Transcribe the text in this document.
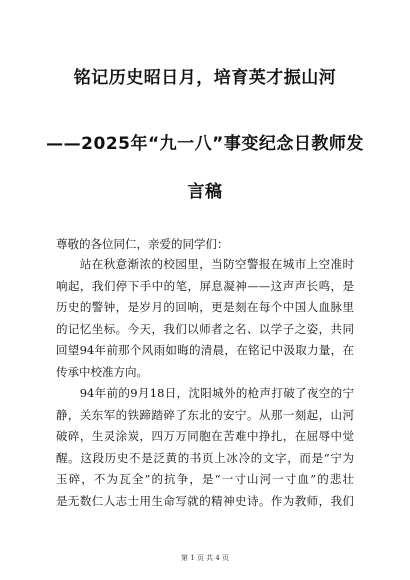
铭记历史昭日月，培育英才振山河
——2025年“九一八”事变纪念日教师发
言稿
尊敬的各位同仁，亲爱的同学们：
　　站在秋意渐浓的校园里，当防空警报在城市上空准时
响起，我们停下手中的笔，屏息凝神——这声声长鸣，是
历史的警钟，是岁月的回响，更是刻在每个中国人血脉里
的记忆坐标。今天，我们以师者之名、以学子之姿，共同
回望94年前那个风雨如晦的清晨，在铭记中汲取力量，在
传承中校准方向。
　　94年前的9月18日，沈阳城外的枪声打破了夜空的宁
静，关东军的铁蹄踏碎了东北的安宁。从那一刻起，山河
破碎，生灵涂炭，四万万同胞在苦难中挣扎，在屈辱中觉
醒。这段历史不是泛黄的书页上冰冷的文字，而是“宁为
玉碎，不为瓦全”的抗争，是“一寸山河一寸血”的悲壮
是无数仁人志士用生命写就的精神史诗。作为教师，我们
第 1 页 共 4 页
